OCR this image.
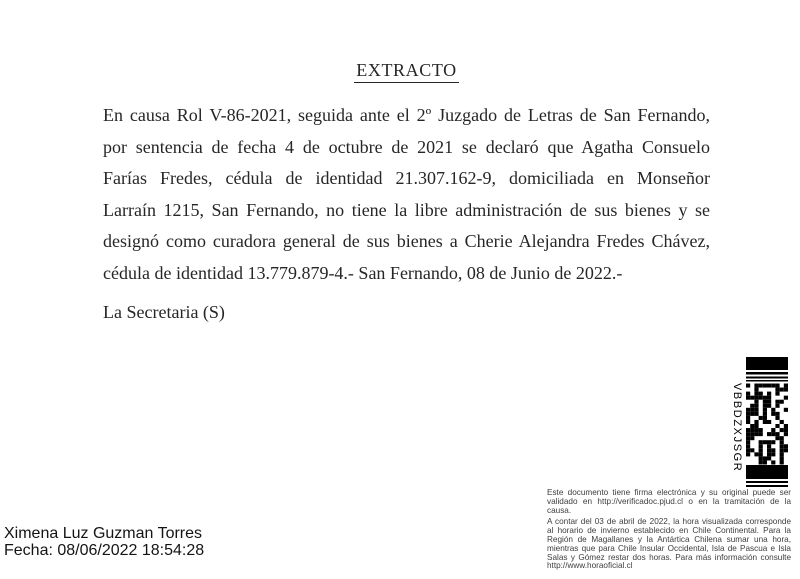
EXTRACTO
En causa Rol V-86-2021, seguida ante el 2º Juzgado de Letras de San Fernando,
por sentencia de fecha 4 de octubre de 2021 se declaró que Agatha Consuelo
Farías Fredes, cédula de identidad 21.307.162-9, domiciliada en Monseñor
Larraín 1215, San Fernando, no tiene la libre administración de sus bienes y se
designó como curadora general de sus bienes a Cherie Alejandra Fredes Chávez,
cédula de identidad 13.779.879-4.- San Fernando, 08 de Junio de 2022.-
La Secretaria (S)
VBBDZXJSGR

Este documento tiene firma electrónica y su original puede ser validado en http://verificadoc.pjud.cl o en la tramitación de la causa.

A contar del 03 de abril de 2022, la hora visualizada corresponde al horario de invierno establecido en Chile Continental. Para la Región de Magallanes y la Antártica Chilena sumar una hora, mientras que para Chile Insular Occidental, Isla de Pascua e Isla Salas y Gómez restar dos horas. Para más información consulte http://www.horaoficial.cl

Ximena Luz Guzman Torres
Fecha: 08/06/2022 18:54:28
